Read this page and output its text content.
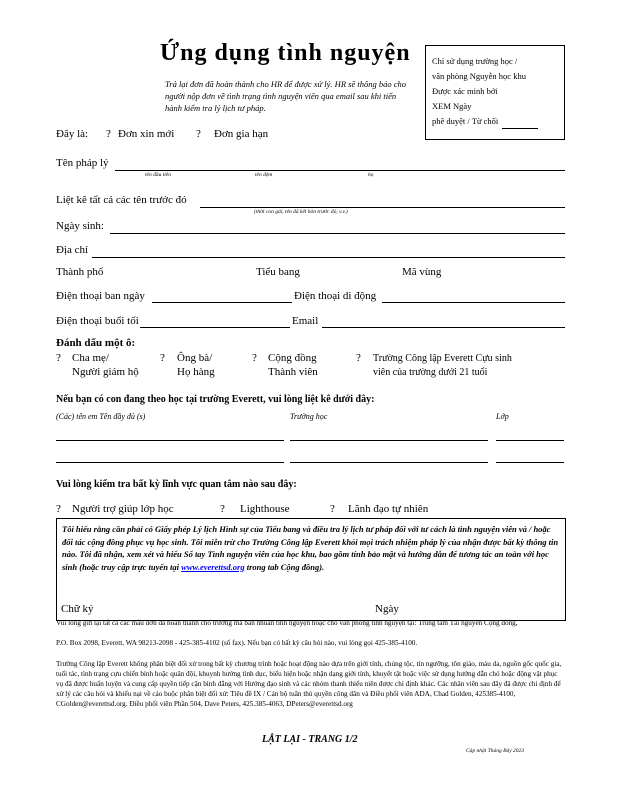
Ứng dụng tình nguyện
Trả lại đơn đã hoàn thành cho HR để được xử lý. HR sẽ thông báo cho người nộp đơn về tình trạng tình nguyện viên qua email sau khi tiến hành kiểm tra lý lịch tư pháp.
Chỉ sử dụng trường học /
văn phòng Nguyễn học khu
Được xác minh bởi
XEM Ngày
phê duyệt / Từ chối
Đây là: ? Đơn xin mới ? Đơn gia hạn
Tên pháp lý
tên đầu tiên	tên đệm	họ
Liệt kê tất cả các tên trước đó
(thời con gái, tên đã kết hôn trước đó, v.v.)
Ngày sinh:
Địa chỉ
Thành phố	Tiểu bang	Mã vùng
Điện thoại ban ngày	Điện thoại di động
Điện thoại buổi tối	Email
Đánh dấu một ô:
? Cha mẹ/
Người giám hộ
? Ông bà/
Họ hàng
? Cộng đồng
Thành viên
? Trường Công lập Everett Cựu sinh
viên của trường dưới 21 tuổi
Nếu bạn có con đang theo học tại trường Everett, vui lòng liệt kê dưới đây:
(Các) tên em Tên đầy đủ (s)	Trường học	Lớp
Vui lòng kiểm tra bất kỳ lĩnh vực quan tâm nào sau đây:
? Người trợ giúp lớp học	? Lighthouse	? Lãnh đạo tự nhiên
Tôi hiểu rằng cần phải có Giấy phép Lý lịch Hình sự của Tiểu bang và điều tra lý lịch tư pháp đối với tư cách là tình nguyện viên và / hoặc đối tác cộng đồng phục vụ học sinh. Tôi miễn trừ cho Trường Công lập Everett khỏi mọi trách nhiệm pháp lý của nhận được bất kỳ thông tin nào. Tôi đã nhận, xem xét và hiểu Sổ tay Tình nguyện viên của học khu, bao gồm tính bảo mật và hướng dẫn để tương tác an toàn với học sinh (hoặc truy cập trực tuyến tại www.everettsd.org trong tab Cộng đồng).
Chữ ký	Ngày
Vui lòng gửi lại tất cả các mẫu đơn đã hoàn thành cho trưởng mã ban nhuân tình nguyện hoặc cho văn phòng tình nguyện tại: Trung tâm Tài nguyên Cộng đồng,
P.O. Box 2098, Everett, WA 98213-2098 - 425-385-4102 (số fax). Nếu bạn có bất kỳ câu hỏi nào, vui lòng gọi 425-385-4100.
Trường Công lập Everett không phân biệt đối xử trong bất kỳ chương trình hoặc hoạt động nào dựa trên giới tính, chủng tộc, tín ngưỡng, tôn giáo, màu da, nguồn gốc quốc gia, tuổi tác, tình trạng cựu chiến binh hoặc quân đội, khuynh hướng tình dục, biểu hiện hoặc nhận dạng giới tính, khuyết tật hoặc việc sử dụng hướng dẫn chó hoặc động vật phục vụ đã được huấn luyện và cung cấp quyền tiếp cận bình đẳng với Hướng đạo sinh và các nhóm thanh thiếu niên được chỉ định khác. Các nhân viên sau đây đã được chỉ định để xử lý các câu hỏi và khiếu nại về cáo buộc phân biệt đối xử: Tiêu đề IX / Cán bộ tuân thủ quyền công dân và Điều phối viên ADA, Chad Golden, 425385-4100, CGolden@everettsd.org. Điều phối viên Phần 504, Dave Peters, 425.385-4063, DPeters@everettsd.org
LẬT LẠI - TRANG 1/2
Cập nhật Tháng Bảy 2023
